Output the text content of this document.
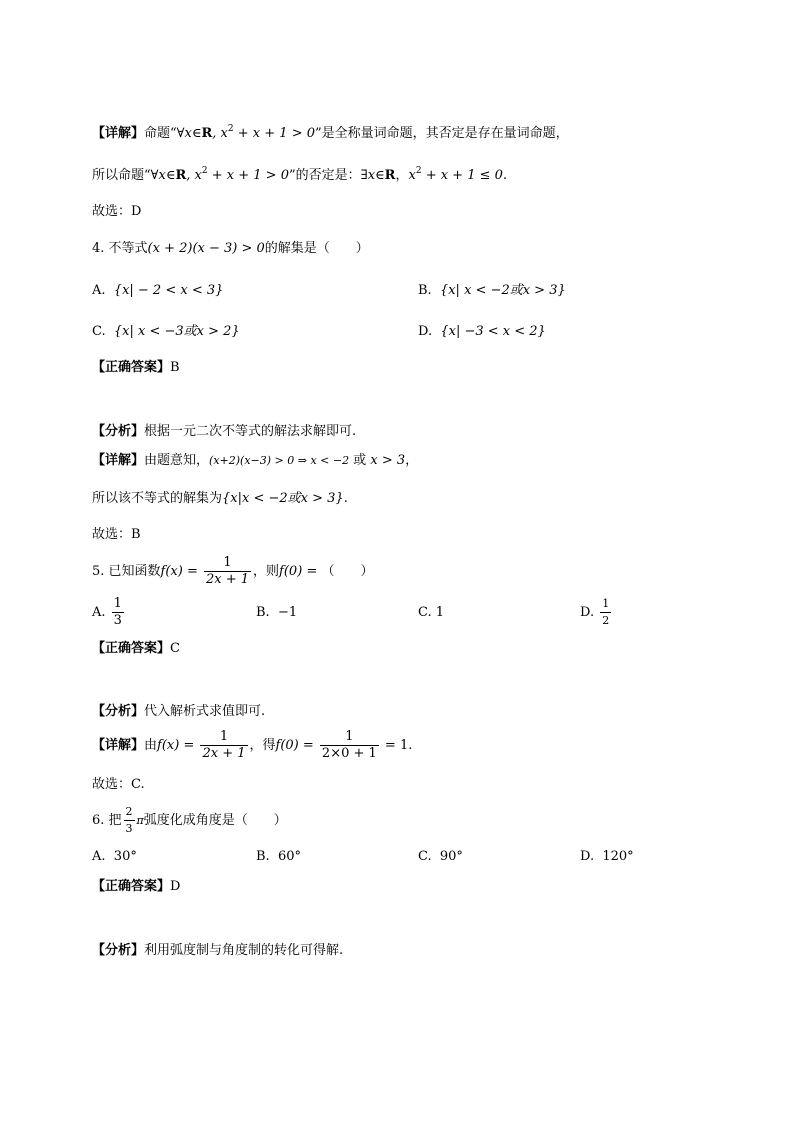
【详解】命题“∀x∈R, $x^2 + x + 1 > 0$”是全称量词命题，其否定是存在量词命题，
所以命题“∀x∈R, $x^2 + x + 1 > 0$”的否定是：∃x∈R，$x^2 + x + 1 \le 0$.
故选：D
4. 不等式(x + 2)(x − 3) > 0的解集是（　　）
A. {x| − 2 < x < 3}	B. {x| x < −2或x > 3}
C. {x| x < −3或x > 2}	D. {x| −3 < x < 2}
【正确答案】B
【分析】根据一元二次不等式的解法求解即可.
【详解】由题意知，(x+2)(x−3) > 0 ⇒ x < −2 或 x > 3，
所以该不等式的解集为{x|x < −2或x > 3}.
故选：B
5. 已知函数$f(x) = \frac{1}{2x + 1}$ ，则f(0) = （　　）
A. $\frac{1}{3}$	B. −1	C. 1	D. $\frac{1}{2}$
【正确答案】C
【分析】代入解析式求值即可.
【详解】由$f(x) = \frac{1}{2x + 1}$ ，得$f(0) = \frac{1}{2\times 0 + 1} = 1$.
故选：C.
6. 把 $\frac{2}{3}$ π弧度化成角度是（　　）
A. 30°	B. 60°	C. 90°	D. 120°
【正确答案】D
【分析】利用弧度制与角度制的转化可得解.
